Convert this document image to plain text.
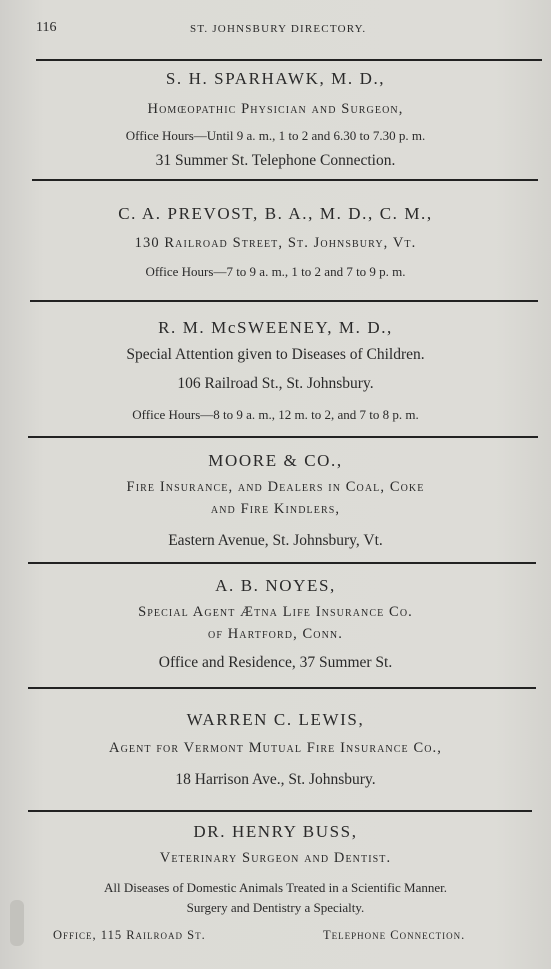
116	ST. JOHNSBURY DIRECTORY.
S. H. SPARHAWK, M. D.,
Homœopathic Physician and Surgeon,
Office Hours—Until 9 a. m., 1 to 2 and 6.30 to 7.30 p. m.
31 Summer St. Telephone Connection.
C. A. PREVOST, B. A., M. D., C. M.,
130 Railroad Street, St. Johnsbury, Vt.
Office Hours—7 to 9 a. m., 1 to 2 and 7 to 9 p. m.
R. M. McSWEENEY, M. D.,
Special Attention given to Diseases of Children.
106 Railroad St., St. Johnsbury.
Office Hours—8 to 9 a. m., 12 m. to 2, and 7 to 8 p. m.
MOORE & CO.,
Fire Insurance, and Dealers in Coal, Coke
and Fire Kindlers,
Eastern Avenue, St. Johnsbury, Vt.
A. B. NOYES,
Special Agent Ætna Life Insurance Co.
of Hartford, Conn.
Office and Residence, 37 Summer St.
WARREN C. LEWIS,
Agent for Vermont Mutual Fire Insurance Co.,
18 Harrison Ave., St. Johnsbury.
DR. HENRY BUSS,
Veterinary Surgeon and Dentist.
All Diseases of Domestic Animals Treated in a Scientific Manner.
Surgery and Dentistry a Specialty.
Office, 115 Railroad St.	Telephone Connection.
